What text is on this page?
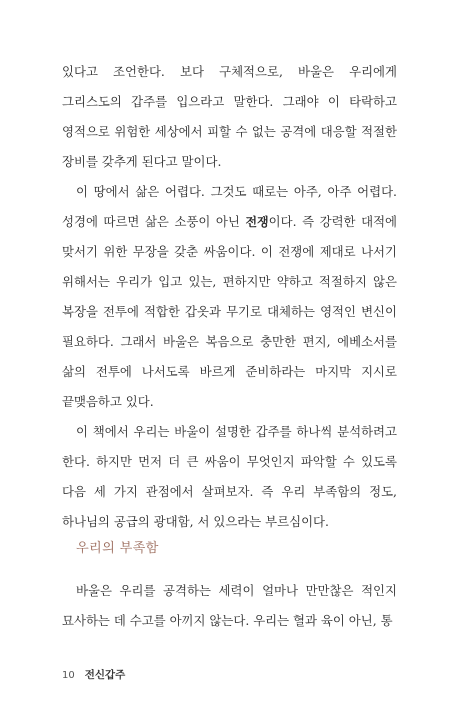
있다고 조언한다. 보다 구체적으로, 바울은 우리에게 그리스도의 갑주를 입으라고 말한다. 그래야 이 타락하고 영적으로 위험한 세상에서 피할 수 없는 공격에 대응할 적절한 장비를 갖추게 된다고 말이다.

이 땅에서 삶은 어렵다. 그것도 때로는 아주, 아주 어렵다. 성경에 따르면 삶은 소풍이 아닌 전쟁이다. 즉 강력한 대적에 맞서기 위한 무장을 갖춘 싸움이다. 이 전쟁에 제대로 나서기 위해서는 우리가 입고 있는, 편하지만 약하고 적절하지 않은 복장을 전투에 적합한 갑옷과 무기로 대체하는 영적인 변신이 필요하다. 그래서 바울은 복음으로 충만한 편지, 에베소서를 삶의 전투에 나서도록 바르게 준비하라는 마지막 지시로 끝맺음하고 있다.

이 책에서 우리는 바울이 설명한 갑주를 하나씩 분석하려고 한다. 하지만 먼저 더 큰 싸움이 무엇인지 파악할 수 있도록 다음 세 가지 관점에서 살펴보자. 즉 우리 부족함의 정도, 하나님의 공급의 광대함, 서 있으라는 부르심이다.

우리의 부족함

바울은 우리를 공격하는 세력이 얼마나 만만찮은 적인지 묘사하는 데 수고를 아끼지 않는다. 우리는 혈과 육이 아닌, 통

10 전신갑주
